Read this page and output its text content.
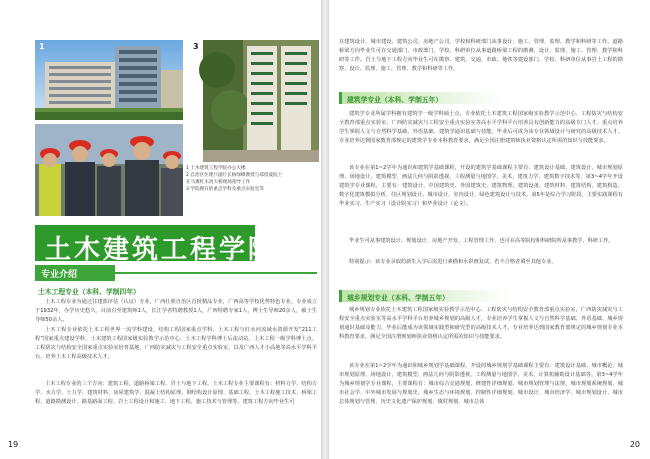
1	3
1 土木建筑工程学院办公大楼
2 自治区住建厅副厅长杨绿峰教授与郑留波院士
在马滩红水河大桥现场指导工作
3 学院拥有的重点学科及重点实验室等
土木建筑工程学院
专业介绍
土木工程专业（本科、学制四年）
土木工程专业为通过住建部评估（认证）专业，广西壮族自治区首批精品专业，广西高等学校优势特色专业。专业成立于1932年，办学历史悠久。目前有至建筑师1人，长江学者特聘教授1人，广西特聘专家1人，博士生导师20余人，硕士生导师50余人。
土木工程专业依托土木工程世界一流学科建设，结构工程国家重点学科，土木工程与红水河流域水资源开发“211工程”国家重点建设学科，土木建筑工程国家级实验教学示范中心、土木工程学科博士后流动站、土木工程一级学科博士点、工程防灾与结构安全国家重点实验室培育基地、广西防灾减灾与工程安全重点实验室，以及广西人才小高地等高水平学科平台，培养土木工程高级技术人才。
土木工程专业的三个方向：建筑工程、道路桥梁工程、岩土与地下工程。土木工程专业主要课程有：材料力学、结构力学、水力学、土力学、建筑材料、房屋建筑学、混凝土结构原理、钢结构设计原理、基础工程、土木工程施工技术、桥梁工程、道路勘测设计、路基路面工程、岩土工程设计和施工、地下工程、施工技术与管理等。建筑工程方向毕业生可
19
在建筑设计、城市建设、建筑公司、房地产公司、学校和科研部门从事设计、施工、管理、监理、教学和科研等工作。道路桥梁方向毕业生可在交通部门、市政部门、学校、科研单位从事道路桥梁工程的勘测、设计、监理、施工、管理、教学和科研等工作。岩土与地下工程方向毕业生可在勘察、建筑、交通、市政、地铁等建设部门、学校、科研单位从事岩土工程的勘察、设计、监理、施工、管理、教学和科研等工作。
建筑学专业（本科、学制五年）
建筑学专业所属学科拥有建筑学一级学科硕士点，专业依托土木建筑工程国家级实验教学示范中心、工程防灾与结构安全教育部重点实验室、广西防灾减灾与工程安全重点实验室等高水平学科平台培养具有创新能力的高级专门人才。重点培养学生掌握人文与自然科学基础、外语基础、建筑学通识基础与技能，毕业后可成为该专业领域设计与研究的高级技术人才。专业培养达到国家教育部规定的建筑学专业本科教育要求，满足全国注册建筑师执业资格认定所需的知识与技能要求。
该专业在第1~2学年为通识和建筑学基础课程，开设的建筑学基础课程主要有：建筑设计基础、建筑设计、城市规划原理、场地设计、建筑模型、画法几何与阴影透视、工程测量与地图学、美术、建筑力学、建筑数字技术等。第3~4学年开设建筑学专业课程，主要有：建筑设计、中国建筑史、外国建筑史、建筑物理、建筑设备、建筑材料、建筑结构、建筑构造、数字化建筑模拟分析、住区规划设计、城市设计、室内设计、绿色建筑设计与技术。第5年是综合学习阶段，主要实践课程有毕业实习、生产实习（设计院实习）和毕业设计（论文）。
毕业生可从事建筑设计、规划设计、房地产开发、工程管理工作，也可在高等院校和科研院所从事教学、科研工作。
特别提示：该专业录取的新生入学后需进行素描和水彩画复试，若不合格者调至其他专业。
城乡规划专业（本科、学制五年）
城乡规划专业依托土木建筑工程国家级实验教学示范中心、工程防灾与结构安全教育部重点实验室，广西防灾减灾与工程安全重点实验室等高水平学科平台培养城乡规划的高级人才，专业培养学生掌握人文与自然科学基础、外语基础、城乡规划通识基础及能力，毕业后能成为该领域实践型和研究型的高级技术人才。专业培养达到国家教育部规定的城乡规划专业本科教育要求，满足全国注册规划师执业资格认定所需的知识与技能要求。
该专业在第1~2学年为通识和城乡规划学基础课程，开设的城乡规划学基础课程主要有：建筑设计基础、城市概论、城市规划原理、场地设计、建筑模型、画法几何与阴影透视、工程测量与地图学、美术、计算机辅助设计基础等。第3~4学年为城乡规划学专业课程，主要课程有：城市综合交通规划、修建性详细规划、城市规划管理与法规、城市规划系统规划、城市社会学、中外城市发展与规划史、城乡生态与环境规划、控制性详细规划、城市设计、城市经济学、城市规划设计、城市总体规划与管理、历史文化遗产保护规划、镇村规划、城市总体
20
